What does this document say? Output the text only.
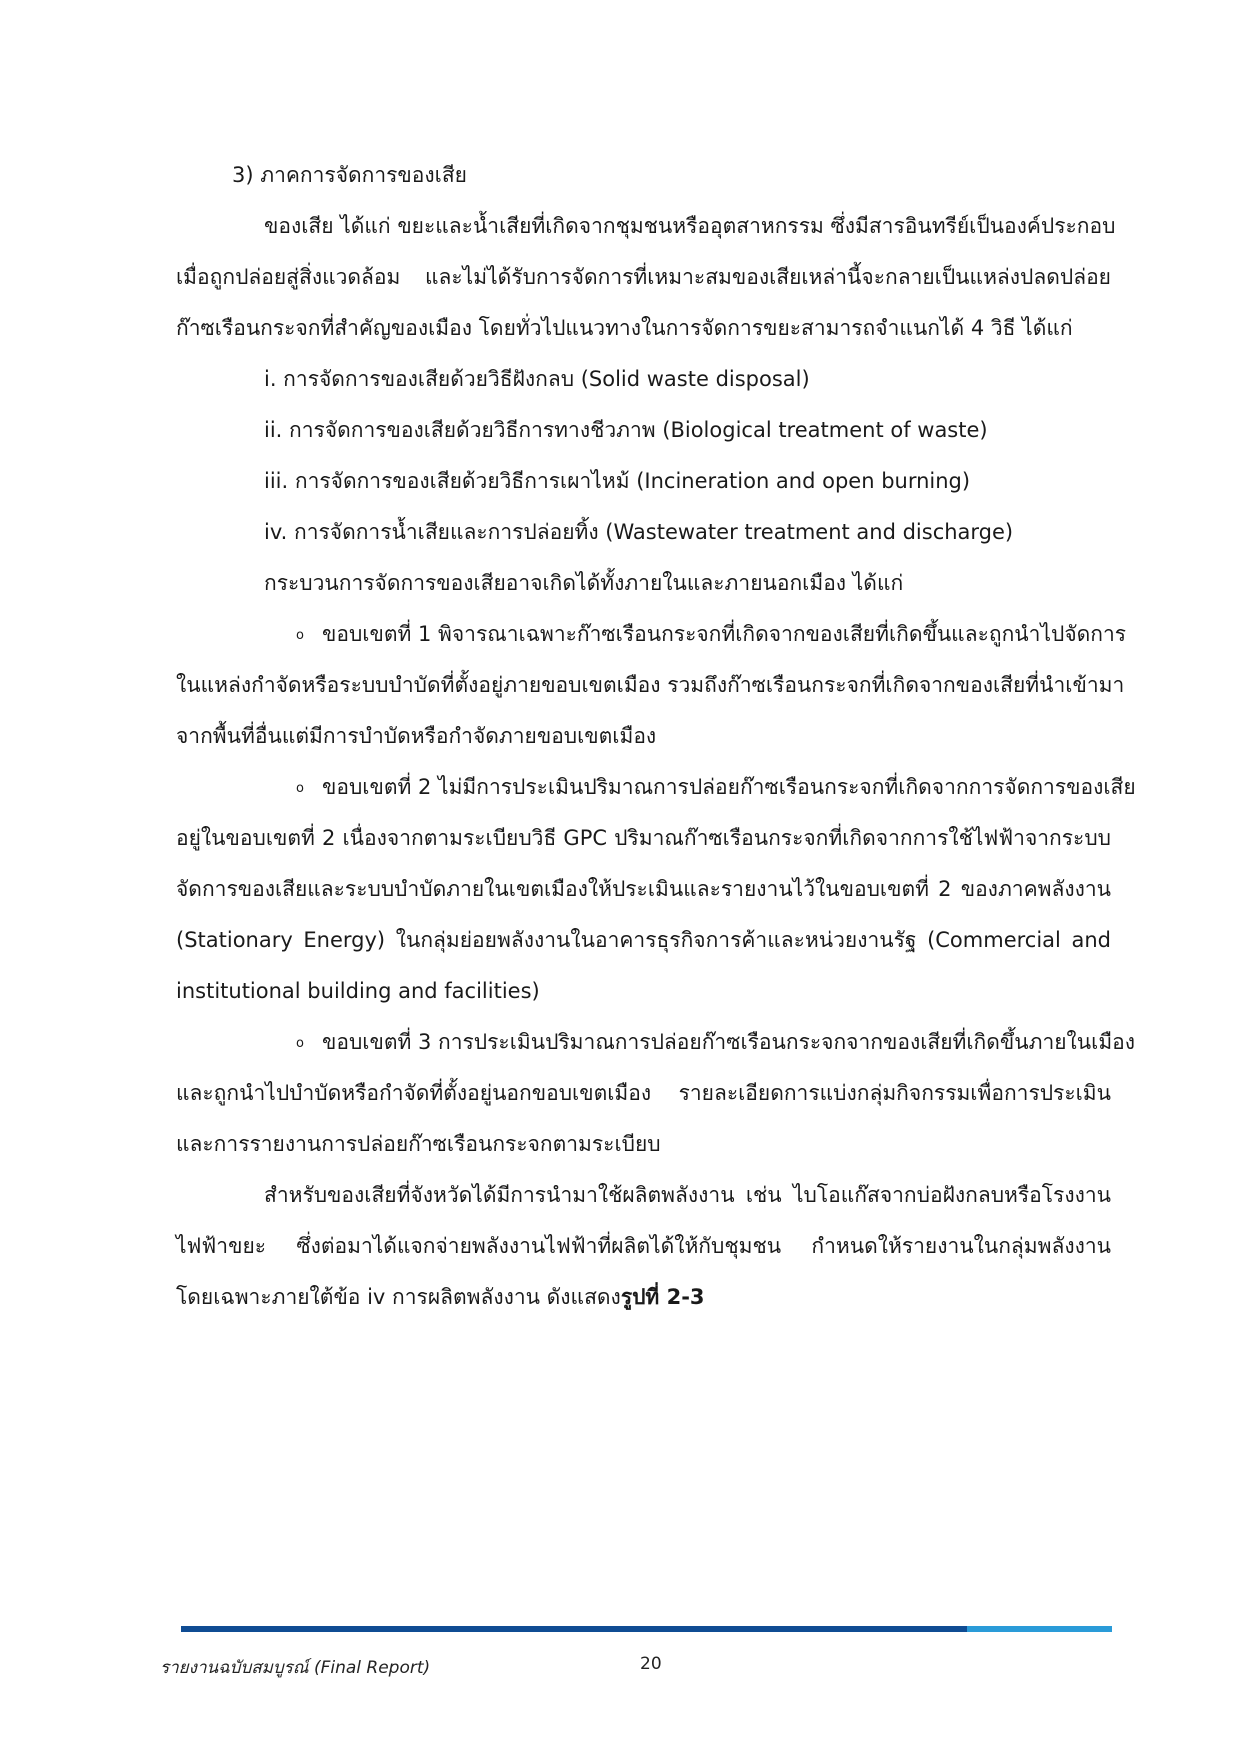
3) ภาคการจัดการของเสีย
ของเสีย ได้แก่ ขยะและน้ำเสียที่เกิดจากชุมชนหรืออุตสาหกรรม ซึ่งมีสารอินทรีย์เป็นองค์ประกอบ
เมื่อถูกปล่อยสู่สิ่งแวดล้อม และไม่ได้รับการจัดการที่เหมาะสมของเสียเหล่านี้จะกลายเป็นแหล่งปลดปล่อย
ก๊าซเรือนกระจกที่สำคัญของเมือง โดยทั่วไปแนวทางในการจัดการขยะสามารถจำแนกได้ 4 วิธี ได้แก่
i. การจัดการของเสียด้วยวิธีฝังกลบ (Solid waste disposal)
ii. การจัดการของเสียด้วยวิธีการทางชีวภาพ (Biological treatment of waste)
iii. การจัดการของเสียด้วยวิธีการเผาไหม้ (Incineration and open burning)
iv. การจัดการน้ำเสียและการปล่อยทิ้ง (Wastewater treatment and discharge)
กระบวนการจัดการของเสียอาจเกิดได้ทั้งภายในและภายนอกเมือง ได้แก่
o ขอบเขตที่ 1 พิจารณาเฉพาะก๊าซเรือนกระจกที่เกิดจากของเสียที่เกิดขึ้นและถูกนำไปจัดการ
ในแหล่งกำจัดหรือระบบบำบัดที่ตั้งอยู่ภายขอบเขตเมือง รวมถึงก๊าซเรือนกระจกที่เกิดจากของเสียที่นำเข้ามา
จากพื้นที่อื่นแต่มีการบำบัดหรือกำจัดภายขอบเขตเมือง
o ขอบเขตที่ 2 ไม่มีการประเมินปริมาณการปล่อยก๊าซเรือนกระจกที่เกิดจากการจัดการของเสีย
อยู่ในขอบเขตที่ 2 เนื่องจากตามระเบียบวิธี GPC ปริมาณก๊าซเรือนกระจกที่เกิดจากการใช้ไฟฟ้าจากระบบ
จัดการของเสียและระบบบำบัดภายในเขตเมืองให้ประเมินและรายงานไว้ในขอบเขตที่ 2 ของภาคพลังงาน
(Stationary Energy) ในกลุ่มย่อยพลังงานในอาคารธุรกิจการค้าและหน่วยงานรัฐ (Commercial and
institutional building and facilities)
o ขอบเขตที่ 3 การประเมินปริมาณการปล่อยก๊าซเรือนกระจกจากของเสียที่เกิดขึ้นภายในเมือง
และถูกนำไปบำบัดหรือกำจัดที่ตั้งอยู่นอกขอบเขตเมือง รายละเอียดการแบ่งกลุ่มกิจกรรมเพื่อการประเมิน
และการรายงานการปล่อยก๊าซเรือนกระจกตามระเบียบ
สำหรับของเสียที่จังหวัดได้มีการนำมาใช้ผลิตพลังงาน เช่น ไบโอแก๊สจากบ่อฝังกลบหรือโรงงาน
ไฟฟ้าขยะ ซึ่งต่อมาได้แจกจ่ายพลังงานไฟฟ้าที่ผลิตได้ให้กับชุมชน กำหนดให้รายงานในกลุ่มพลังงาน
โดยเฉพาะภายใต้ข้อ iv การผลิตพลังงาน ดังแสดงรูปที่ 2-3
รายงานฉบับสมบูรณ์ (Final Report)	20
